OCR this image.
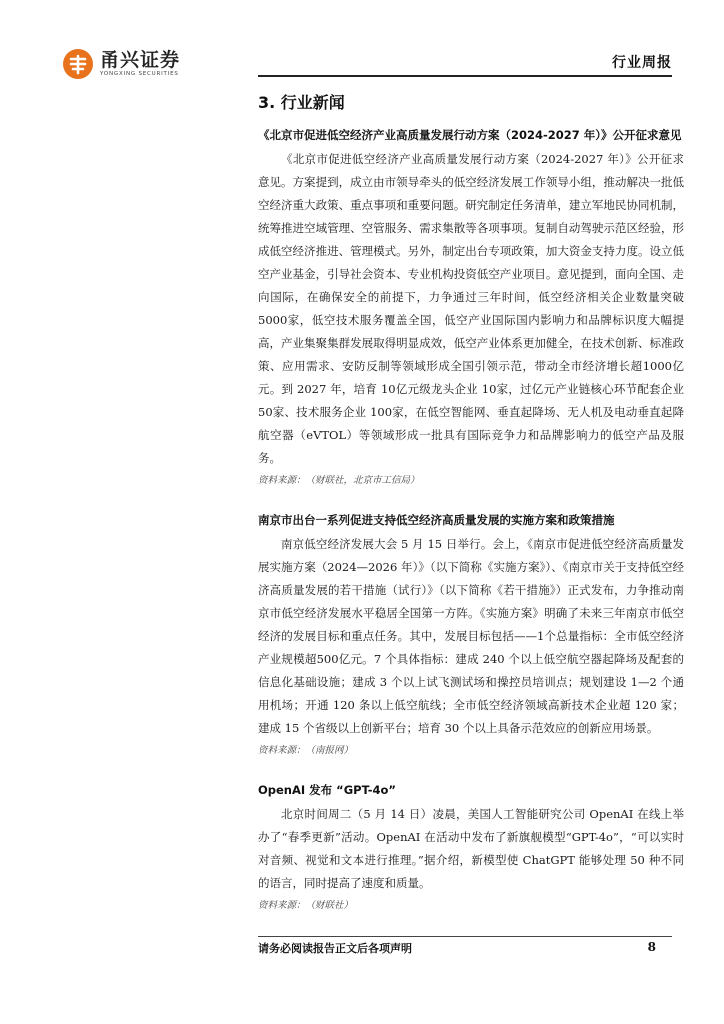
甬兴证券
YONGXING SECURITIES
行业周报
3. 行业新闻
《北京市促进低空经济产业高质量发展行动方案（2024-2027 年）》公开征求意见

《北京市促进低空经济产业高质量发展行动方案（2024-2027 年）》公开征求意见。方案提到，成立由市领导牵头的低空经济发展工作领导小组，推动解决一批低空经济重大政策、重点事项和重要问题。研究制定任务清单，建立军地民协同机制，统筹推进空域管理、空管服务、需求集散等各项事项。复制自动驾驶示范区经验，形成低空经济推进、管理模式。另外，制定出台专项政策，加大资金支持力度。设立低空产业基金，引导社会资本、专业机构投资低空产业项目。意见提到，面向全国、走向国际，在确保安全的前提下，力争通过三年时间，低空经济相关企业数量突破5000家，低空技术服务覆盖全国，低空产业国际国内影响力和品牌标识度大幅提高，产业集聚集群发展取得明显成效，低空产业体系更加健全，在技术创新、标准政策、应用需求、安防反制等领域形成全国引领示范，带动全市经济增长超1000亿元。到 2027 年，培育 10亿元级龙头企业 10家，过亿元产业链核心环节配套企业 50家、技术服务企业 100家，在低空智能网、垂直起降场、无人机及电动垂直起降航空器（eVTOL）等领域形成一批具有国际竞争力和品牌影响力的低空产品及服务。

资料来源：（财联社，北京市工信局）
南京市出台一系列促进支持低空经济高质量发展的实施方案和政策措施

南京低空经济发展大会 5 月 15 日举行。会上，《南京市促进低空经济高质量发展实施方案（2024—2026 年）》（以下简称《实施方案》）、《南京市关于支持低空经济高质量发展的若干措施（试行）》（以下简称《若干措施》）正式发布，力争推动南京市低空经济发展水平稳居全国第一方阵。《实施方案》明确了未来三年南京市低空经济的发展目标和重点任务。其中，发展目标包括——1个总量指标：全市低空经济产业规模超500亿元。7 个具体指标：建成 240 个以上低空航空器起降场及配套的信息化基础设施；建成 3 个以上试飞测试场和操控员培训点；规划建设 1—2 个通用机场；开通 120 条以上低空航线；全市低空经济领域高新技术企业超 120 家；建成 15 个省级以上创新平台；培育 30 个以上具备示范效应的创新应用场景。

资料来源：（南报网）
OpenAI 发布 “GPT-4o”

北京时间周二（5 月 14 日）凌晨，美国人工智能研究公司 OpenAI 在线上举办了“春季更新”活动。OpenAI 在活动中发布了新旗舰模型“GPT-4o”，“可以实时对音频、视觉和文本进行推理。”据介绍，新模型使 ChatGPT 能够处理 50 种不同的语言，同时提高了速度和质量。

资料来源：（财联社）
请务必阅读报告正文后各项声明	8
